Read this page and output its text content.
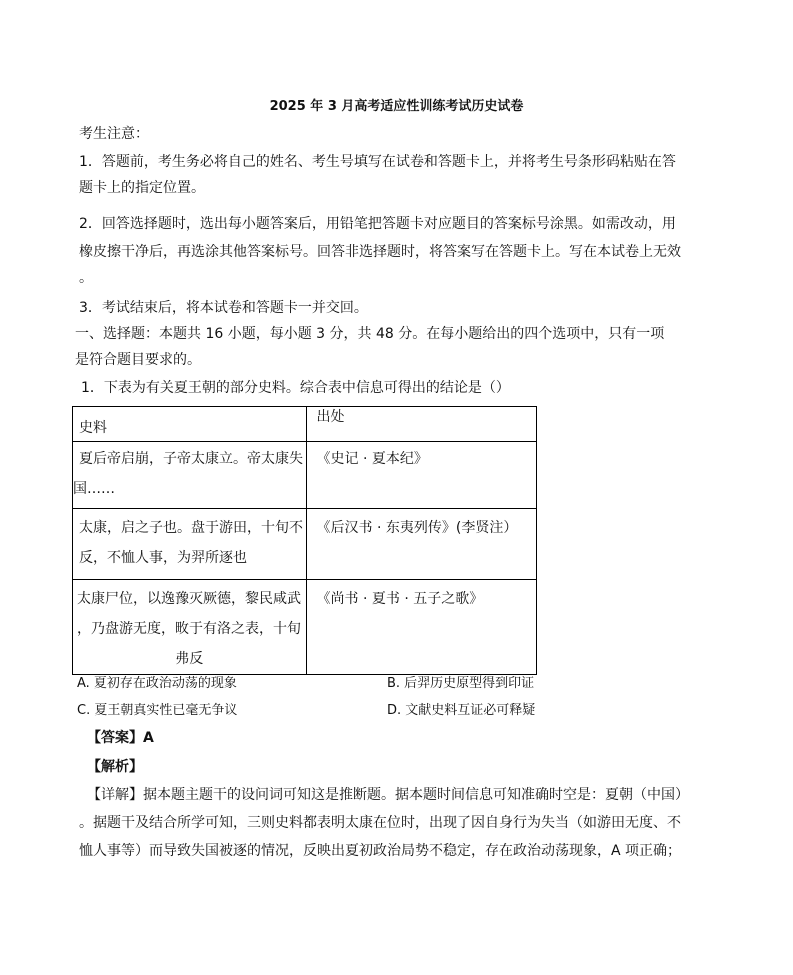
2025 年 3 月高考适应性训练考试历史试卷
考生注意：
1．答题前，考生务必将自己的姓名、考生号填写在试卷和答题卡上，并将考生号条形码粘贴在答
题卡上的指定位置。
2．回答选择题时，选出每小题答案后，用铅笔把答题卡对应题目的答案标号涂黑。如需改动，用
橡皮擦干净后，再选涂其他答案标号。回答非选择题时，将答案写在答题卡上。写在本试卷上无效
。
3．考试结束后，将本试卷和答题卡一并交回。
一、选择题：本题共 16 小题，每小题 3 分，共 48 分。在每小题给出的四个选项中，只有一项
是符合题目要求的。
1．下表为有关夏王朝的部分史料。综合表中信息可得出的结论是（）
史料	出处

夏后帝启崩，子帝太康立。帝太康失
国……	《史记 · 夏本纪》

太康，启之子也。盘于游田，十旬不
反，不恤人事，为羿所逐也	《后汉书 · 东夷列传》(李贤注）

太康尸位，以逸豫灭厥德，黎民咸武
，乃盘游无度，畋于有洛之表，十旬
弗反	《尚书 · 夏书 · 五子之歌》
A. 夏初存在政治动荡的现象	B. 后羿历史原型得到印证
C. 夏王朝真实性已毫无争议	D. 文献史料互证必可释疑
【答案】A
【解析】
【详解】据本题主题干的设问词可知这是推断题。据本题时间信息可知准确时空是：夏朝（中国）
。据题干及结合所学可知，三则史料都表明太康在位时，出现了因自身行为失当（如游田无度、不
恤人事等）而导致失国被逐的情况，反映出夏初政治局势不稳定，存在政治动荡现象，A 项正确；
